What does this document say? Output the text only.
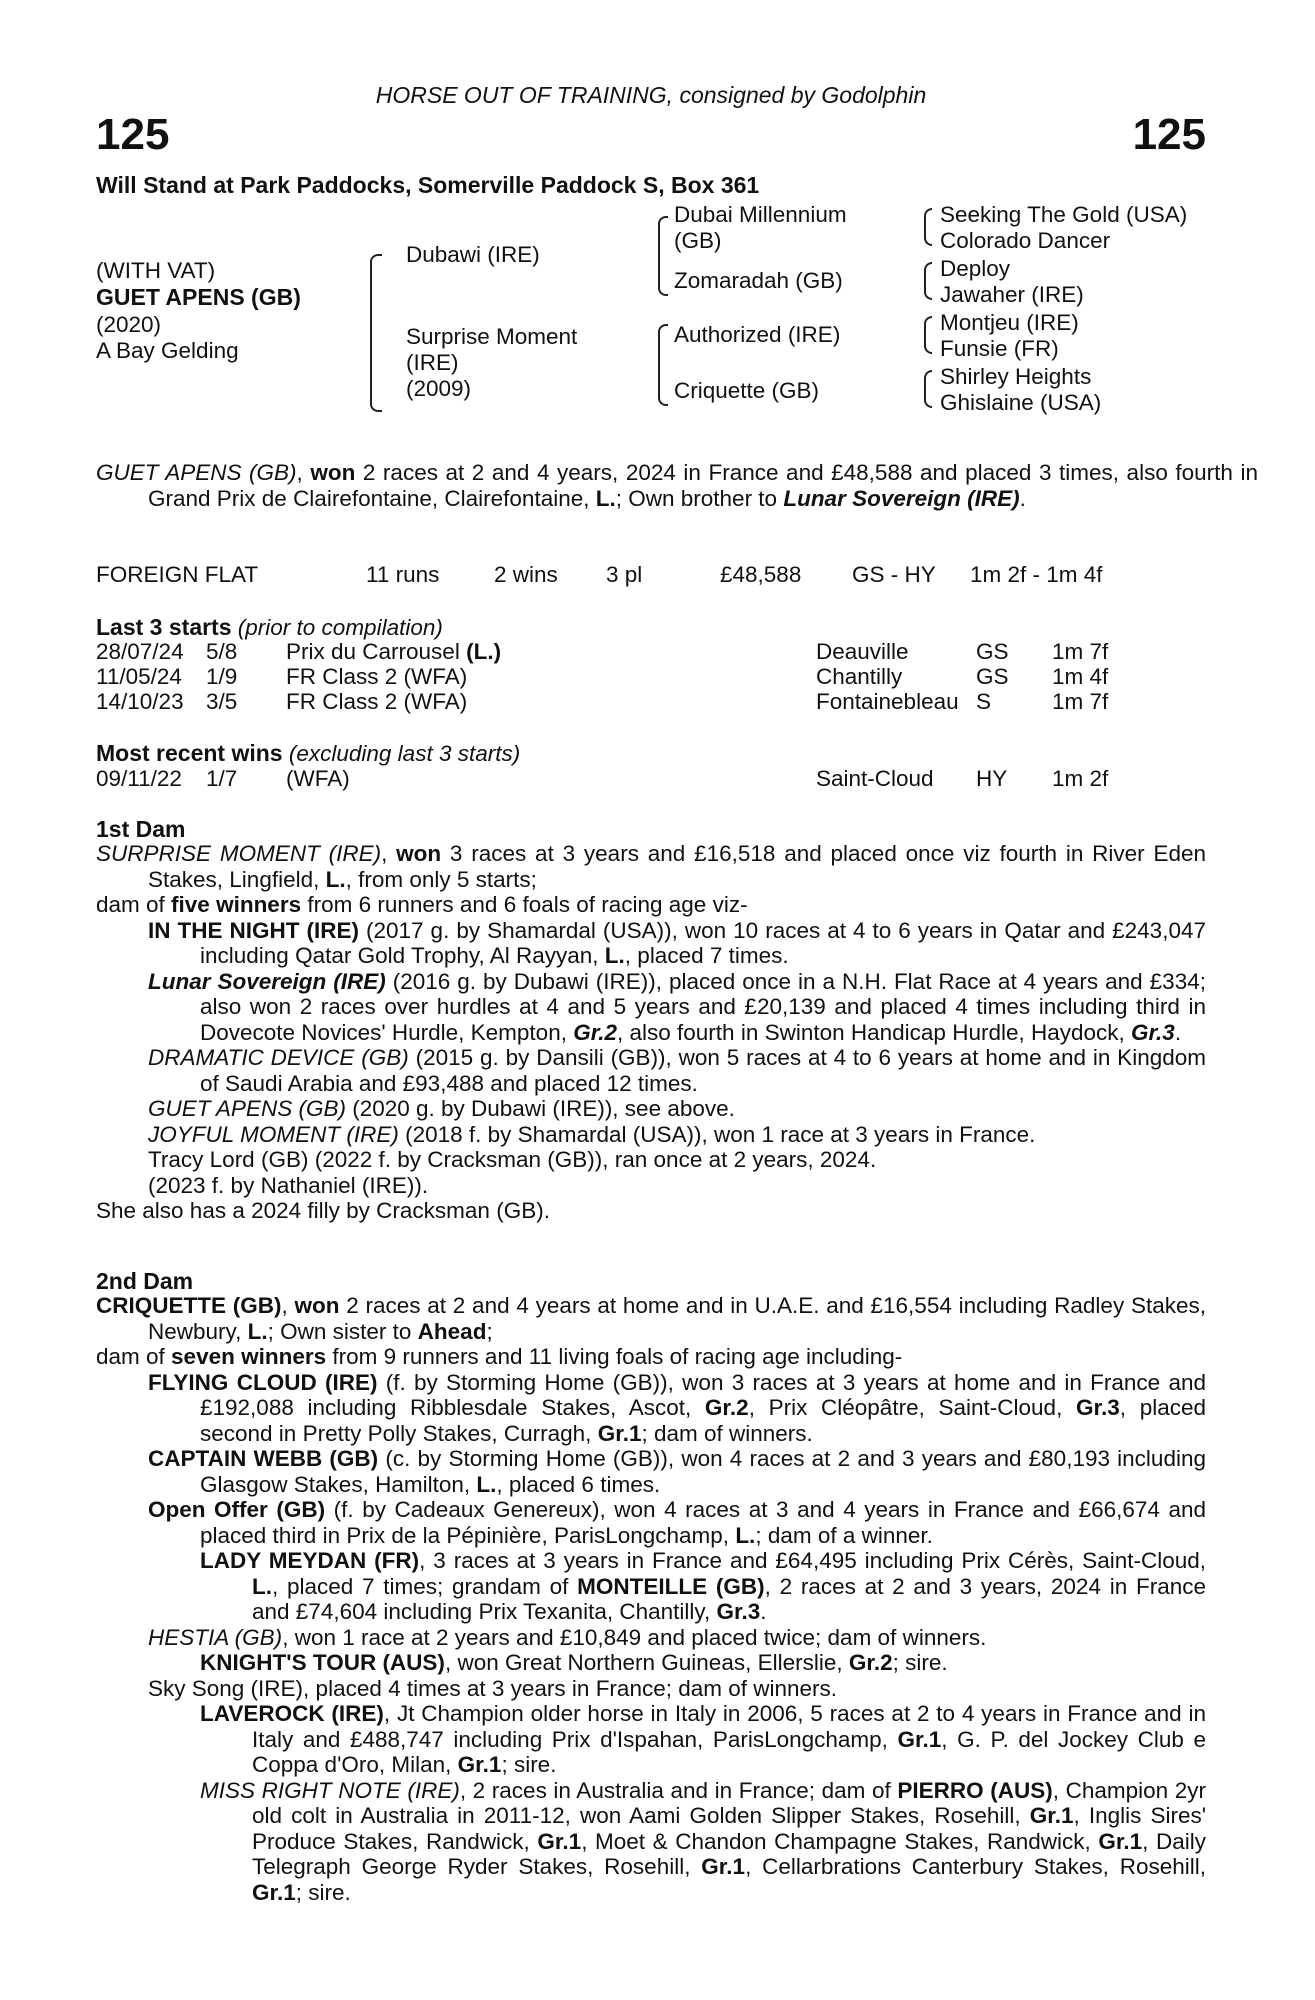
HORSE OUT OF TRAINING, consigned by Godolphin
125	125
Will Stand at Park Paddocks, Somerville Paddock S, Box 361
(WITH VAT)
GUET APENS (GB)
(2020)
A Bay Gelding
Dubawi (IRE)
Surprise Moment
(IRE)
(2009)
Dubai Millennium
(GB)
Zomaradah (GB)
Authorized (IRE)
Criquette (GB)
Seeking The Gold (USA)
Colorado Dancer
Deploy
Jawaher (IRE)
Montjeu (IRE)
Funsie (FR)
Shirley Heights
Ghislaine (USA)

GUET APENS (GB), won 2 races at 2 and 4 years, 2024 in France and £48,588 and placed 3 times, also fourth in Grand Prix de Clairefontaine, Clairefontaine, L.; Own brother to Lunar Sovereign (IRE).

FOREIGN FLAT	11 runs 2 wins 3 pl	£48,588 GS - HY 1m 2f - 1m 4f
Last 3 starts (prior to compilation)
28/07/24 5/8 Prix du Carrousel (L.)	Deauville	GS 1m 7f
11/05/24 1/9 FR Class 2 (WFA)	Chantilly	GS 1m 4f
14/10/23 3/5 FR Class 2 (WFA)	Fontainebleau S	1m 7f
Most recent wins (excluding last 3 starts)
09/11/22 1/7 (WFA)	Saint-Cloud HY 1m 2f
1st Dam

SURPRISE MOMENT (IRE), won 3 races at 3 years and £16,518 and placed once viz fourth in River Eden Stakes, Lingfield, L., from only 5 starts;

dam of five winners from 6 runners and 6 foals of racing age viz-

IN THE NIGHT (IRE) (2017 g. by Shamardal (USA)), won 10 races at 4 to 6 years in Qatar and £243,047 including Qatar Gold Trophy, Al Rayyan, L., placed 7 times.

Lunar Sovereign (IRE) (2016 g. by Dubawi (IRE)), placed once in a N.H. Flat Race at 4 years and £334; also won 2 races over hurdles at 4 and 5 years and £20,139 and placed 4 times including third in Dovecote Novices' Hurdle, Kempton, Gr.2, also fourth in Swinton Handicap Hurdle, Haydock, Gr.3.

DRAMATIC DEVICE (GB) (2015 g. by Dansili (GB)), won 5 races at 4 to 6 years at home and in Kingdom of Saudi Arabia and £93,488 and placed 12 times.

GUET APENS (GB) (2020 g. by Dubawi (IRE)), see above.

JOYFUL MOMENT (IRE) (2018 f. by Shamardal (USA)), won 1 race at 3 years in France.

Tracy Lord (GB) (2022 f. by Cracksman (GB)), ran once at 2 years, 2024.

(2023 f. by Nathaniel (IRE)).

She also has a 2024 filly by Cracksman (GB).

2nd Dam

CRIQUETTE (GB), won 2 races at 2 and 4 years at home and in U.A.E. and £16,554 including Radley Stakes, Newbury, L.; Own sister to Ahead;

dam of seven winners from 9 runners and 11 living foals of racing age including-

FLYING CLOUD (IRE) (f. by Storming Home (GB)), won 3 races at 3 years at home and in France and £192,088 including Ribblesdale Stakes, Ascot, Gr.2, Prix Cléopâtre, Saint-Cloud, Gr.3, placed second in Pretty Polly Stakes, Curragh, Gr.1; dam of winners.

CAPTAIN WEBB (GB) (c. by Storming Home (GB)), won 4 races at 2 and 3 years and £80,193 including Glasgow Stakes, Hamilton, L., placed 6 times.

Open Offer (GB) (f. by Cadeaux Genereux), won 4 races at 3 and 4 years in France and £66,674 and placed third in Prix de la Pépinière, ParisLongchamp, L.; dam of a winner.

LADY MEYDAN (FR), 3 races at 3 years in France and £64,495 including Prix Cérès, Saint-Cloud, L., placed 7 times; grandam of MONTEILLE (GB), 2 races at 2 and 3 years, 2024 in France and £74,604 including Prix Texanita, Chantilly, Gr.3.

HESTIA (GB), won 1 race at 2 years and £10,849 and placed twice; dam of winners.

KNIGHT'S TOUR (AUS), won Great Northern Guineas, Ellerslie, Gr.2; sire.

Sky Song (IRE), placed 4 times at 3 years in France; dam of winners.

LAVEROCK (IRE), Jt Champion older horse in Italy in 2006, 5 races at 2 to 4 years in France and in Italy and £488,747 including Prix d'Ispahan, ParisLongchamp, Gr.1, G. P. del Jockey Club e Coppa d'Oro, Milan, Gr.1; sire.

MISS RIGHT NOTE (IRE), 2 races in Australia and in France; dam of PIERRO (AUS), Champion 2yr old colt in Australia in 2011-12, won Aami Golden Slipper Stakes, Rosehill, Gr.1, Inglis Sires' Produce Stakes, Randwick, Gr.1, Moet & Chandon Champagne Stakes, Randwick, Gr.1, Daily Telegraph George Ryder Stakes, Rosehill, Gr.1, Cellarbrations Canterbury Stakes, Rosehill, Gr.1; sire.
